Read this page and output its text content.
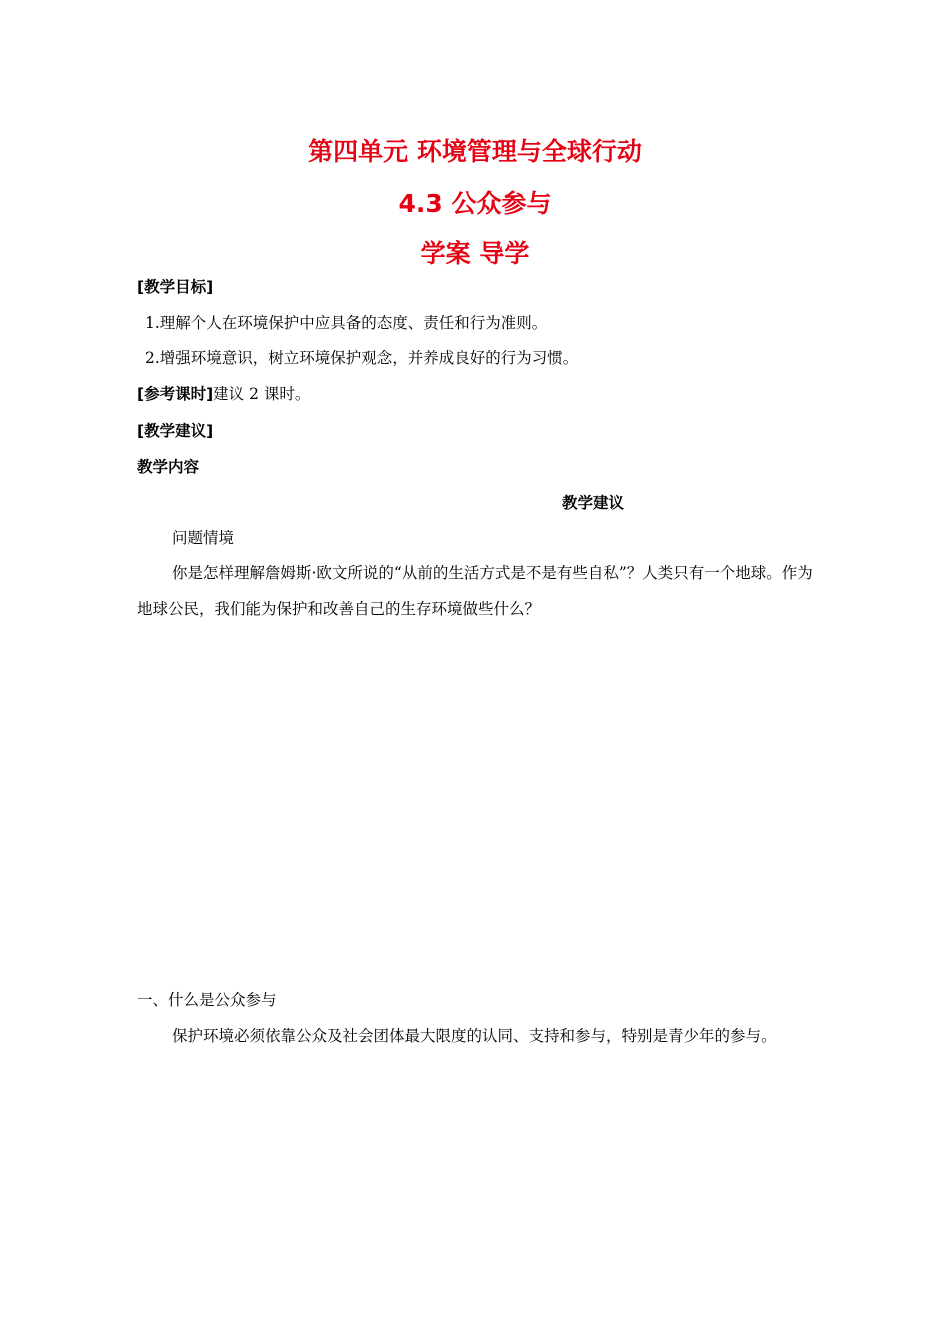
第四单元 环境管理与全球行动
4.3 公众参与
学案 导学
[教学目标]
1.理解个人在环境保护中应具备的态度、责任和行为准则。
2.增强环境意识，树立环境保护观念，并养成良好的行为习惯。
[参考课时]建议 2 课时。
[教学建议]
教学内容
教学建议
问题情境
你是怎样理解詹姆斯·欧文所说的“从前的生活方式是不是有些自私”？人类只有一个地球。作为地球公民，我们能为保护和改善自己的生存环境做些什么？
一、什么是公众参与
保护环境必须依靠公众及社会团体最大限度的认同、支持和参与，特别是青少年的参与。
